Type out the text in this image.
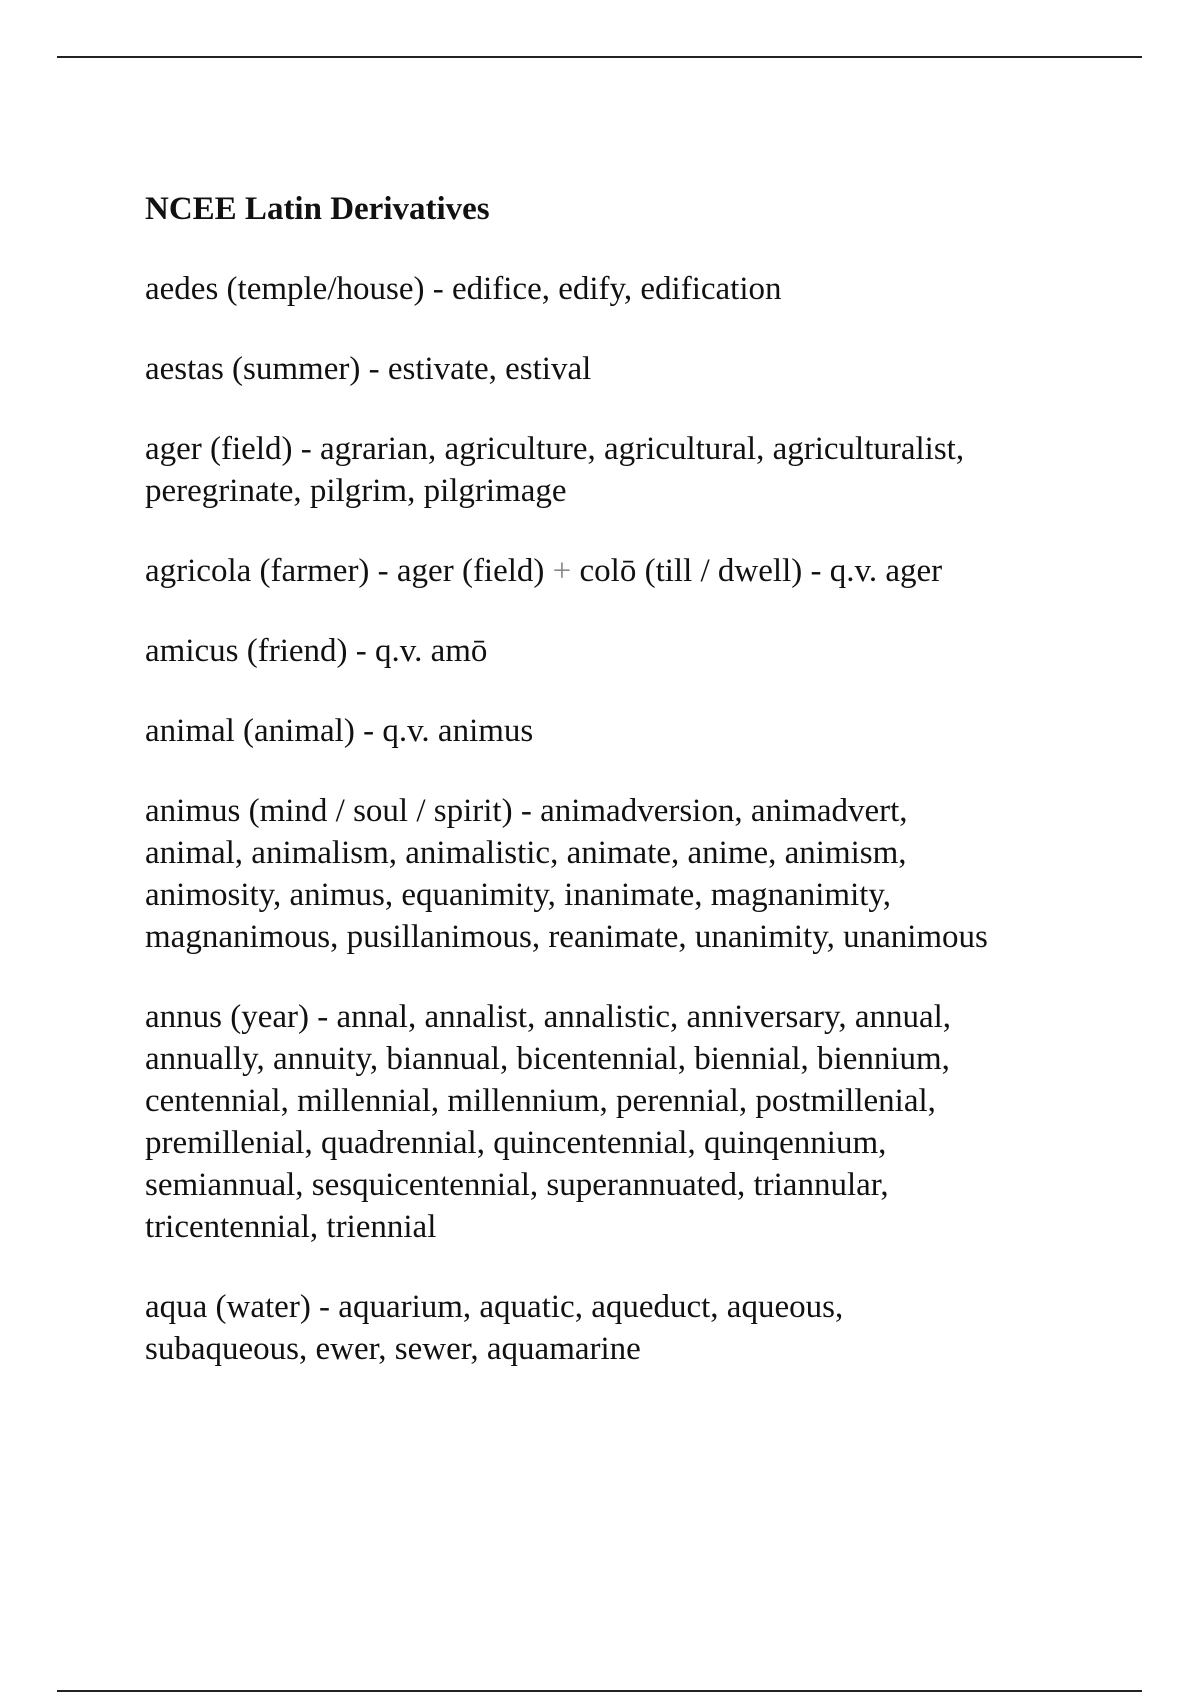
NCEE Latin Derivatives
aedes (temple/house) - edifice, edify, edification
aestas (summer) - estivate, estival
ager (field) - agrarian, agriculture, agricultural, agriculturalist,
peregrinate, pilgrim, pilgrimage
agricola (farmer) - ager (field) + colō (till / dwell) - q.v. ager
amicus (friend) - q.v. amō
animal (animal) - q.v. animus
animus (mind / soul / spirit) - animadversion, animadvert,
animal, animalism, animalistic, animate, anime, animism,
animosity, animus, equanimity, inanimate, magnanimity,
magnanimous, pusillanimous, reanimate, unanimity, unanimous
annus (year) - annal, annalist, annalistic, anniversary, annual,
annually, annuity, biannual, bicentennial, biennial, biennium,
centennial, millennial, millennium, perennial, postmillenial,
premillenial, quadrennial, quincentennial, quinqennium,
semiannual, sesquicentennial, superannuated, triannular,
tricentennial, triennial
aqua (water) - aquarium, aquatic, aqueduct, aqueous,
subaqueous, ewer, sewer, aquamarine
